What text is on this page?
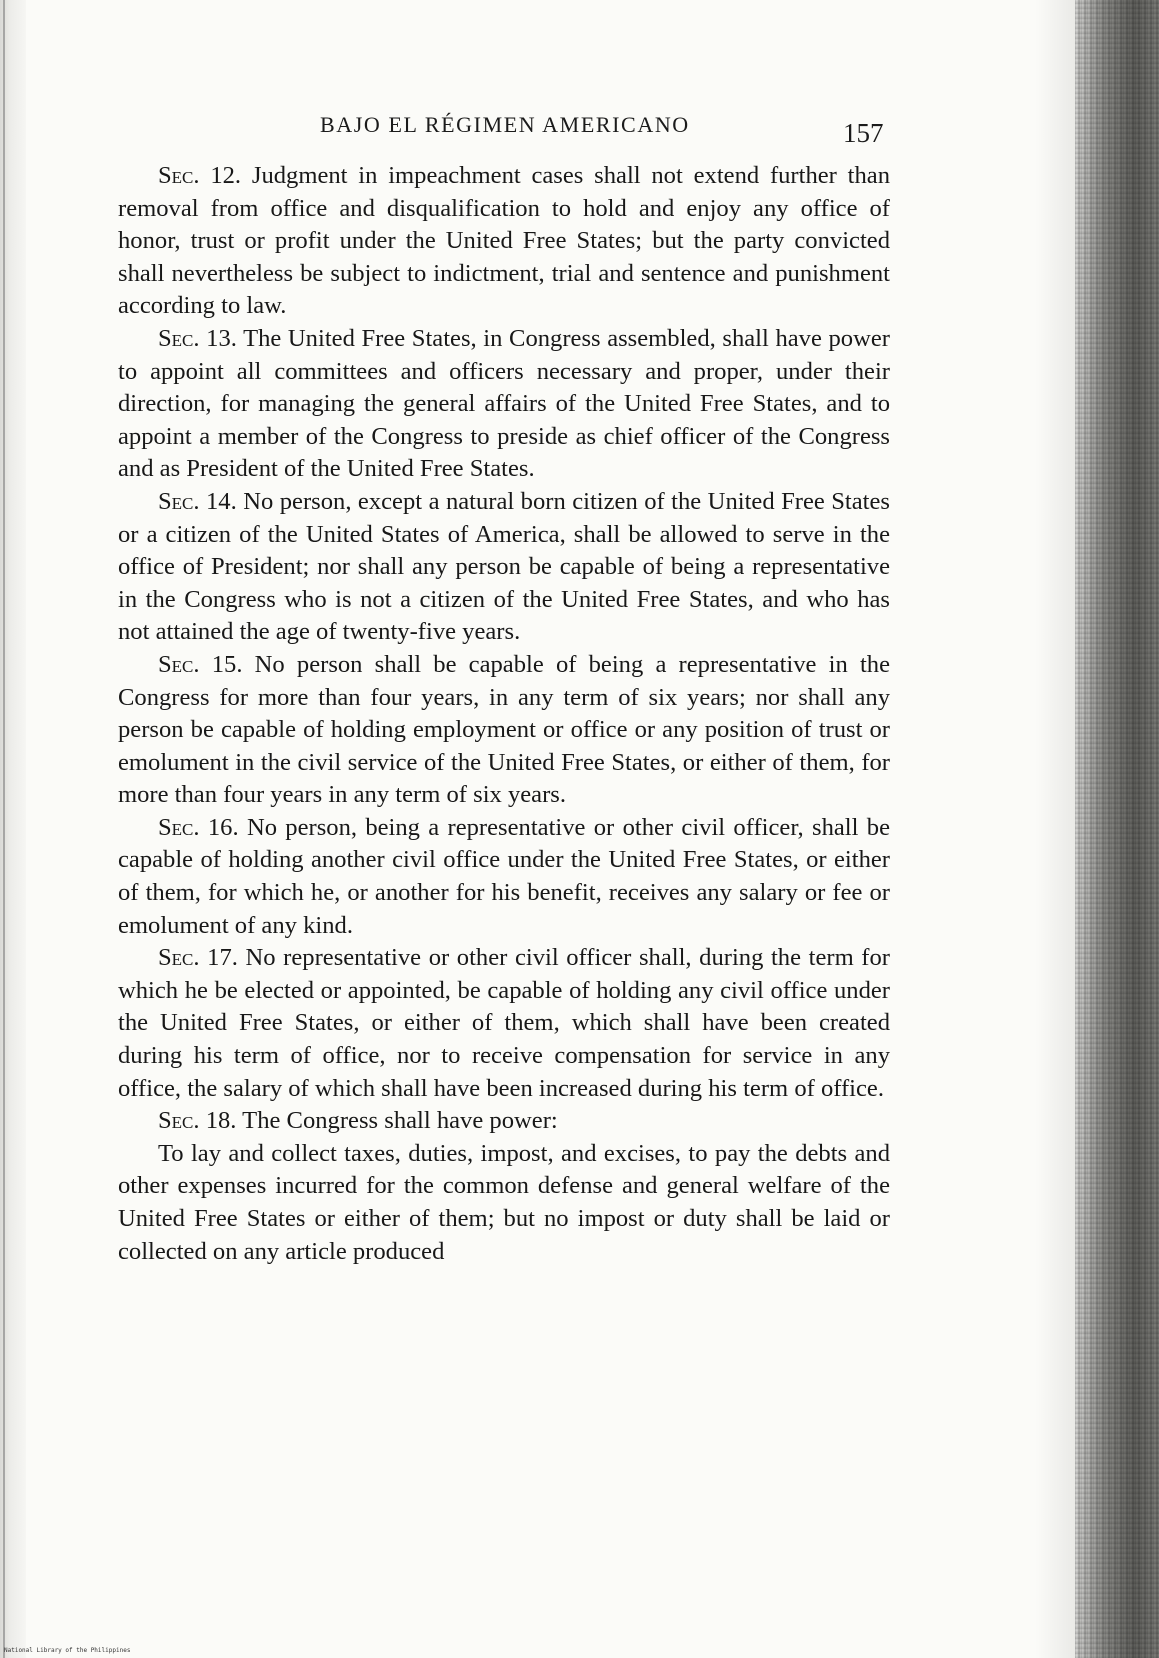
BAJO EL RÉGIMEN AMERICANO	157

Sec. 12. Judgment in impeachment cases shall not extend further than removal from office and disqualification to hold and enjoy any office of honor, trust or profit under the United Free States; but the party convicted shall nevertheless be subject to indictment, trial and sentence and punishment according to law.

Sec. 13. The United Free States, in Congress assembled, shall have power to appoint all committees and officers necessary and proper, under their direction, for managing the general affairs of the United Free States, and to appoint a member of the Congress to preside as chief officer of the Congress and as President of the United Free States.

Sec. 14. No person, except a natural born citizen of the United Free States or a citizen of the United States of America, shall be allowed to serve in the office of President; nor shall any person be capable of being a representative in the Congress who is not a citizen of the United Free States, and who has not attained the age of twenty-five years.

Sec. 15. No person shall be capable of being a representative in the Congress for more than four years, in any term of six years; nor shall any person be capable of holding employment or office or any position of trust or emolument in the civil service of the United Free States, or either of them, for more than four years in any term of six years.

Sec. 16. No person, being a representative or other civil officer, shall be capable of holding another civil office under the United Free States, or either of them, for which he, or another for his benefit, receives any salary or fee or emolument of any kind.

Sec. 17. No representative or other civil officer shall, during the term for which he be elected or appointed, be capable of holding any civil office under the United Free States, or either of them, which shall have been created during his term of office, nor to receive compensation for service in any office, the salary of which shall have been increased during his term of office.

Sec. 18. The Congress shall have power:

To lay and collect taxes, duties, impost, and excises, to pay the debts and other expenses incurred for the common defense and general welfare of the United Free States or either of them; but no impost or duty shall be laid or collected on any article produced

National Library of the Philippines
